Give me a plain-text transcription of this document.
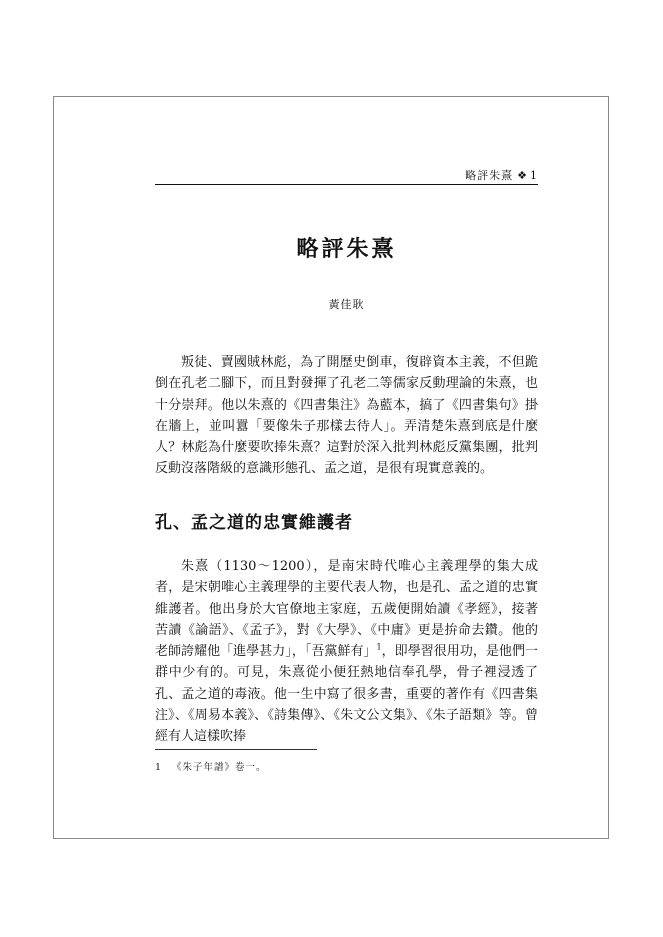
略評朱熹 ❖ 1
略評朱熹
黃佳耿

叛徒、賣國賊林彪，為了開歷史倒車，復辟資本主義，不但跪倒在孔老二腳下，而且對發揮了孔老二等儒家反動理論的朱熹，也十分崇拜。他以朱熹的《四書集注》為藍本，搞了《四書集句》掛在牆上，並叫囂「要像朱子那樣去待人」。弄清楚朱熹到底是什麼人？林彪為什麼要吹捧朱熹？這對於深入批判林彪反黨集團，批判反動沒落階級的意識形態孔、孟之道，是很有現實意義的。

孔、孟之道的忠實維護者

朱熹（1130～1200），是南宋時代唯心主義理學的集大成者，是宋朝唯心主義理學的主要代表人物，也是孔、孟之道的忠實維護者。他出身於大官僚地主家庭，五歲便開始讀《孝經》，接著苦讀《論語》、《孟子》，對《大學》、《中庸》更是拚命去鑽。他的老師誇耀他「進學甚力」，「吾黨鮮有」$^1$，即學習很用功，是他們一群中少有的。可見，朱熹從小便狂熱地信奉孔學，骨子裡浸透了孔、孟之道的毒液。他一生中寫了很多書，重要的著作有《四書集注》、《周易本義》、《詩集傳》、《朱文公文集》、《朱子語類》等。曾經有人這樣吹捧

1 《朱子年譜》卷一。
